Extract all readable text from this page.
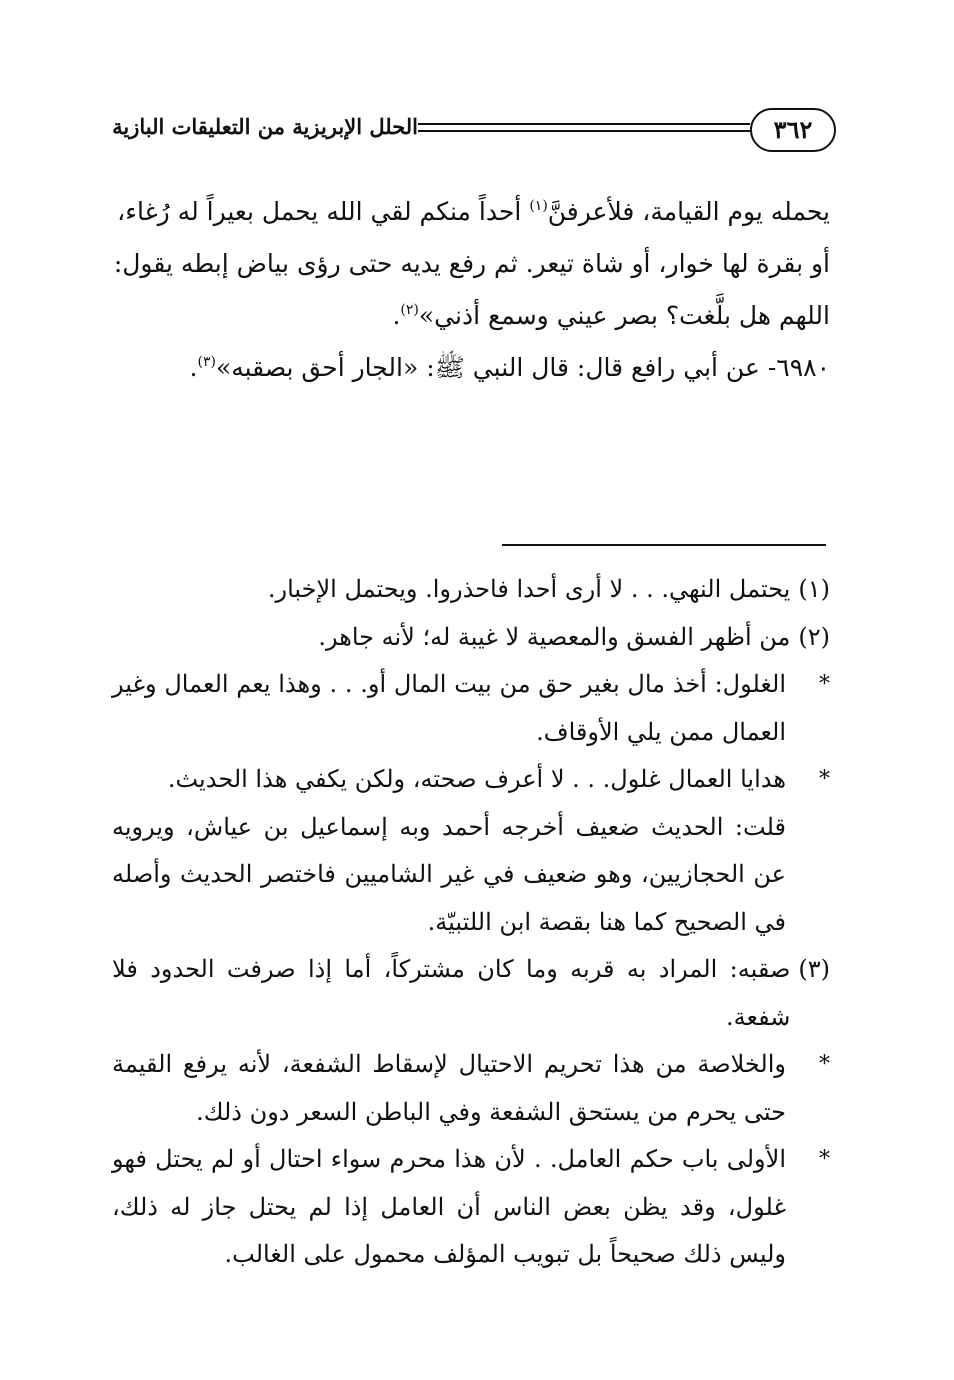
٣٦٢
الحلل الإبريزية من التعليقات البازية

يحمله يوم القيامة، فلأعرفنَّ$^{(١)}$ أحداً منكم لقي الله يحمل بعيراً له رُغاء،

أو بقرة لها خوار، أو شاة تيعر. ثم رفع يديه حتى رؤى بياض إبطه يقول:

اللهم هل بلَّغت؟ بصر عيني وسمع أذني»$^{(٢)}$.

٦٩٨٠- عن أبي رافع قال: قال النبي ﷺ: «الجار أحق بصقبه»$^{(٣)}$.

(١)

يحتمل النهي. . . لا أرى أحدا فاحذروا. ويحتمل الإخبار.

(٢)

من أظهر الفسق والمعصية لا غيبة له؛ لأنه جاهر.

*

الغلول: أخذ مال بغير حق من بيت المال أو. . . وهذا يعم العمال وغير العمال ممن يلي الأوقاف.

*

هدايا العمال غلول. . . لا أعرف صحته، ولكن يكفي هذا الحديث.

قلت: الحديث ضعيف أخرجه أحمد وبه إسماعيل بن عياش، ويرويه عن الحجازيين، وهو ضعيف في غير الشاميين فاختصر الحديث وأصله في الصحيح كما هنا بقصة ابن اللتبيّة.

(٣)

صقبه: المراد به قربه وما كان مشتركاً، أما إذا صرفت الحدود فلا شفعة.

*

والخلاصة من هذا تحريم الاحتيال لإسقاط الشفعة، لأنه يرفع القيمة حتى يحرم من يستحق الشفعة وفي الباطن السعر دون ذلك.

*

الأولى باب حكم العامل. . لأن هذا محرم سواء احتال أو لم يحتل فهو غلول، وقد يظن بعض الناس أن العامل إذا لم يحتل جاز له ذلك، وليس ذلك صحيحاً بل تبويب المؤلف محمول على الغالب.
